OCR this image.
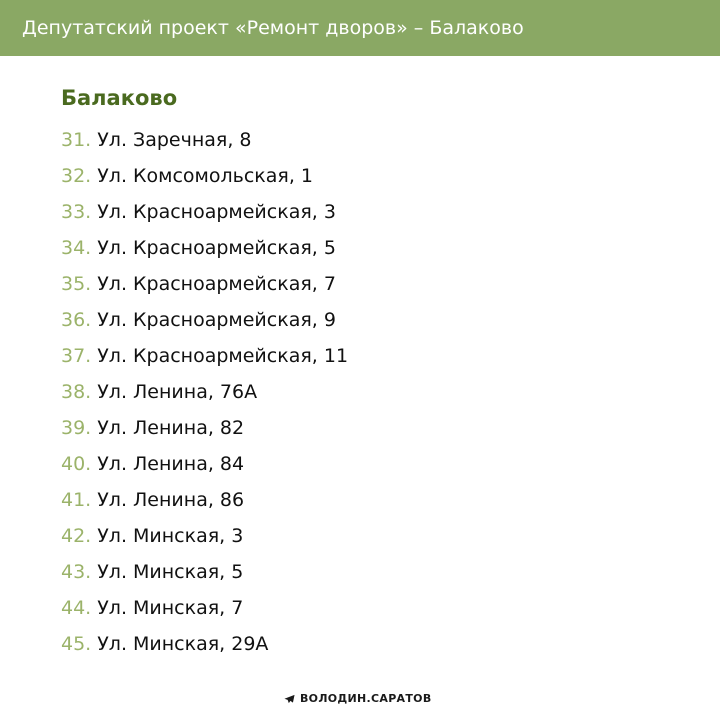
Депутатский проект «Ремонт дворов» – Балаково
Балаково
31. Ул. Заречная, 8
32. Ул. Комсомольская, 1
33. Ул. Красноармейская, 3
34. Ул. Красноармейская, 5
35. Ул. Красноармейская, 7
36. Ул. Красноармейская, 9
37. Ул. Красноармейская, 11
38. Ул. Ленина, 76А
39. Ул. Ленина, 82
40. Ул. Ленина, 84
41. Ул. Ленина, 86
42. Ул. Минская, 3
43. Ул. Минская, 5
44. Ул. Минская, 7
45. Ул. Минская, 29А
ВОЛОДИН.САРАТОВ
